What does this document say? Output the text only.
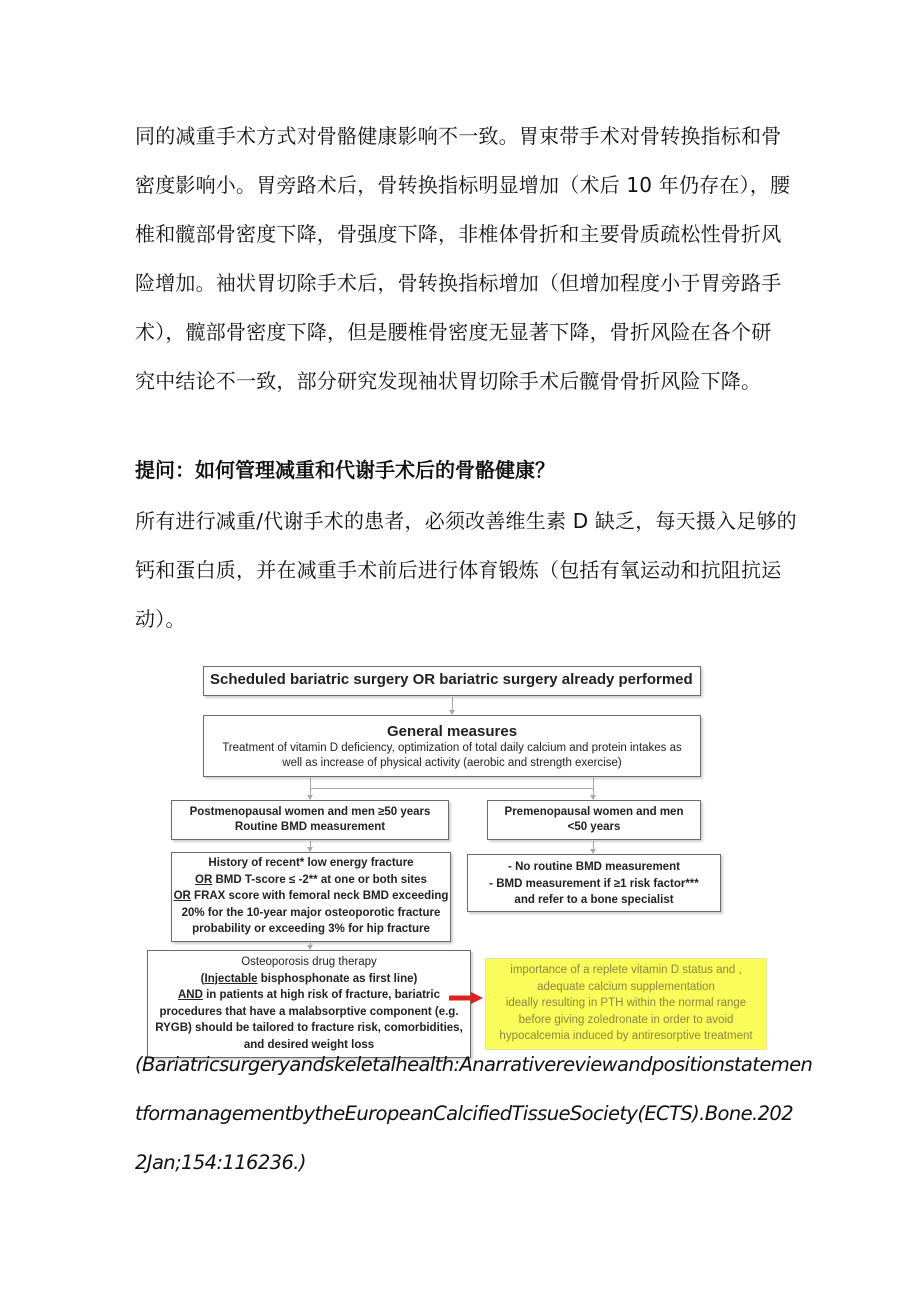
同的减重手术方式对骨骼健康影响不一致。胃束带手术对骨转换指标和骨
密度影响小。胃旁路术后，骨转换指标明显增加（术后 10 年仍存在），腰
椎和髋部骨密度下降，骨强度下降，非椎体骨折和主要骨质疏松性骨折风
险增加。袖状胃切除手术后，骨转换指标增加（但增加程度小于胃旁路手
术），髋部骨密度下降，但是腰椎骨密度无显著下降，骨折风险在各个研
究中结论不一致，部分研究发现袖状胃切除手术后髋骨骨折风险下降。
提问：如何管理减重和代谢手术后的骨骼健康？
所有进行减重/代谢手术的患者，必须改善维生素 D 缺乏，每天摄入足够的
钙和蛋白质，并在减重手术前后进行体育锻炼（包括有氧运动和抗阻抗运
动）。
Scheduled bariatric surgery OR bariatric surgery already performed
General measures
Treatment of vitamin D deficiency, optimization of total daily calcium and protein intakes as
well as increase of physical activity (aerobic and strength exercise)
Postmenopausal women and men ≥50 years
Routine BMD measurement
Premenopausal women and men
<50 years
History of recent* low energy fracture
OR BMD T-score ≤ -2** at one or both sites
OR FRAX score with femoral neck BMD exceeding
20% for the 10-year major osteoporotic fracture
probability or exceeding 3% for hip fracture
- No routine BMD measurement
- BMD measurement if ≥1 risk factor***
and refer to a bone specialist
Osteoporosis drug therapy
(Injectable bisphosphonate as first line)
AND in patients at high risk of fracture, bariatric
procedures that have a malabsorptive component (e.g.
RYGB) should be tailored to fracture risk, comorbidities,
and desired weight loss
importance of a replete vitamin D status and ,
adequate calcium supplementation
ideally resulting in PTH within the normal range
before giving zoledronate in order to avoid
hypocalcemia induced by antiresorptive treatment
(Bariatricsurgeryandskeletalhealth:Anarrativereviewandpositionstatemen
tformanagementbytheEuropeanCalcifiedTissueSociety(ECTS).Bone.202
2Jan;154:116236.)
